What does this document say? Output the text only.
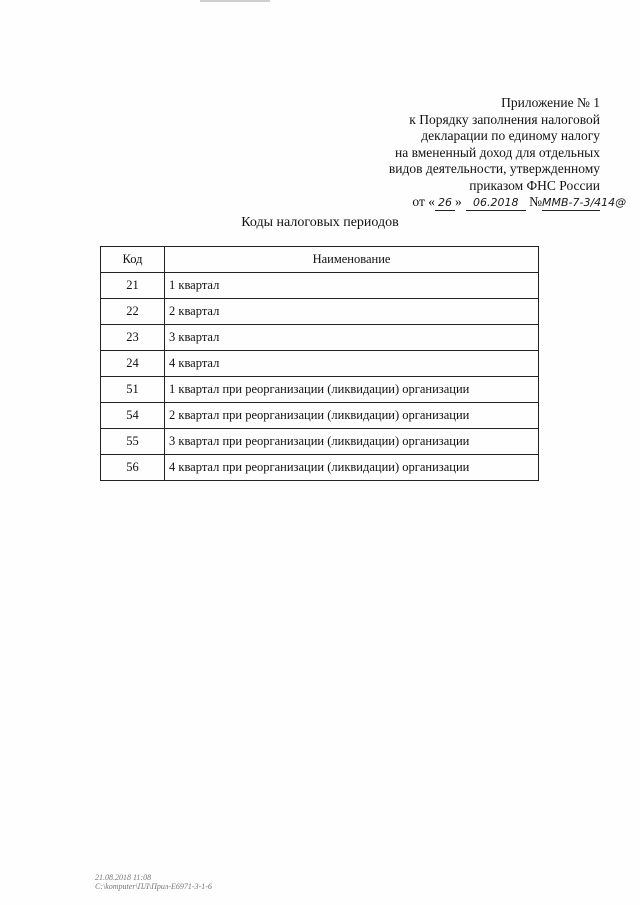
Приложение № 1
к Порядку заполнения налоговой
декларации по единому налогу
на вмененный доход для отдельных
видов деятельности, утвержденному
приказом ФНС России
от « 26 » 06.2018 №ММВ-7-3/414@
Коды налоговых периодов
Код	Наименование
21	1 квартал
22	2 квартал
23	3 квартал
24	4 квартал
51	1 квартал при реорганизации (ликвидации) организации
54	2 квартал при реорганизации (ликвидации) организации
55	3 квартал при реорганизации (ликвидации) организации
56	4 квартал при реорганизации (ликвидации) организации
21.08.2018 11:08
C:\komputer\ПЛ\Прил-Е6971-3-1-6
